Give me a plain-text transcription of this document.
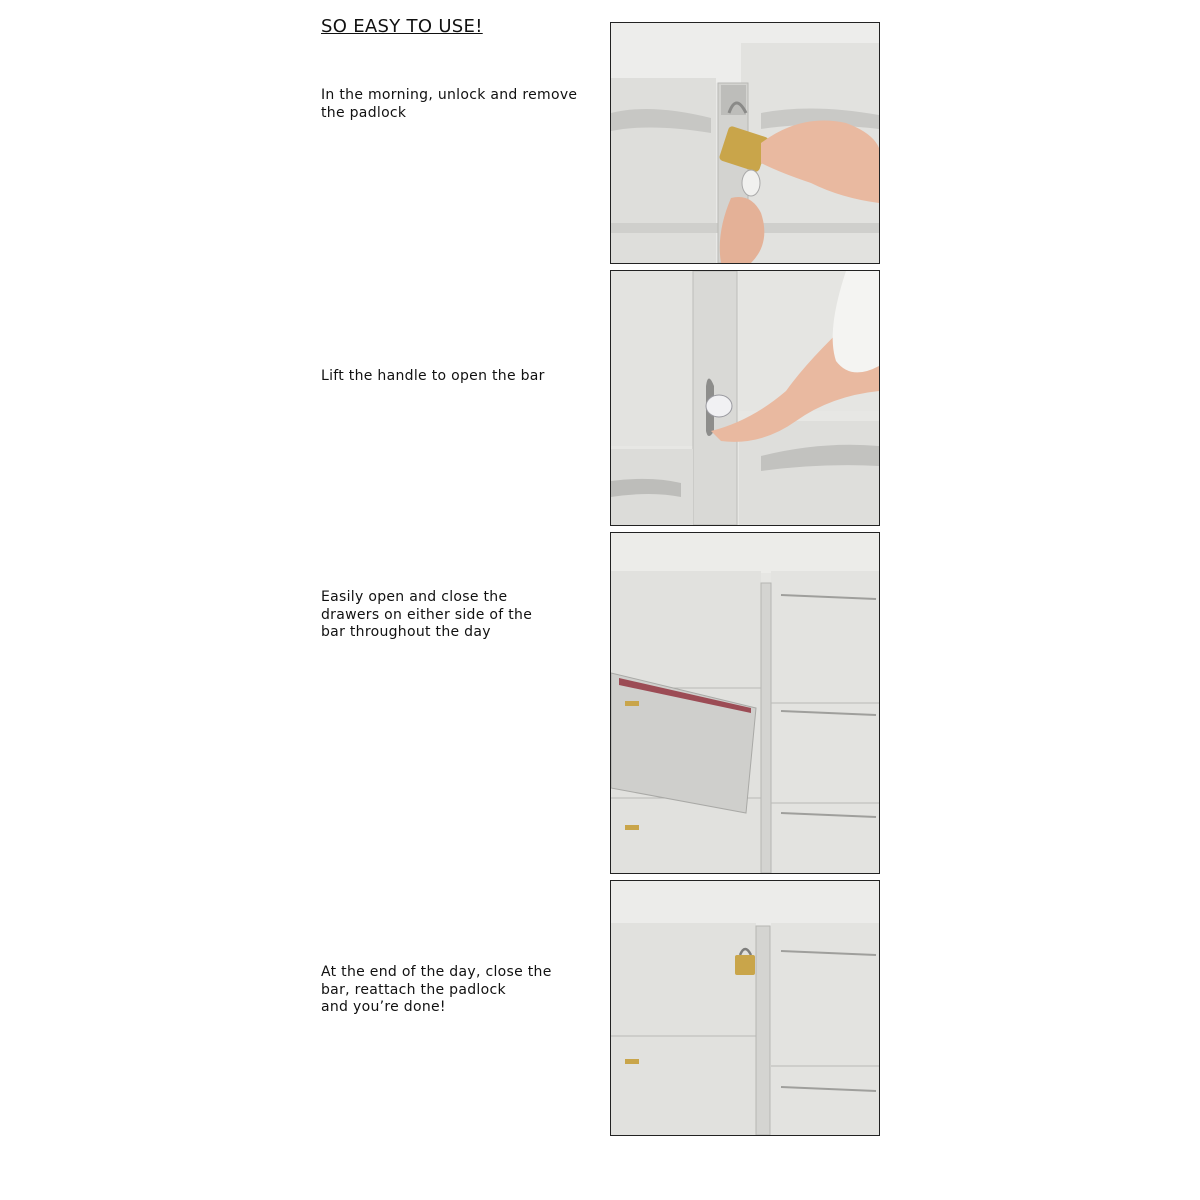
SO EASY TO USE!

In the morning, unlock and remove
the padlock

Lift the handle to open the bar

Easily open and close the
drawers on either side of the
bar throughout the day

At the end of the day, close the
bar, reattach the padlock
and you’re done!
